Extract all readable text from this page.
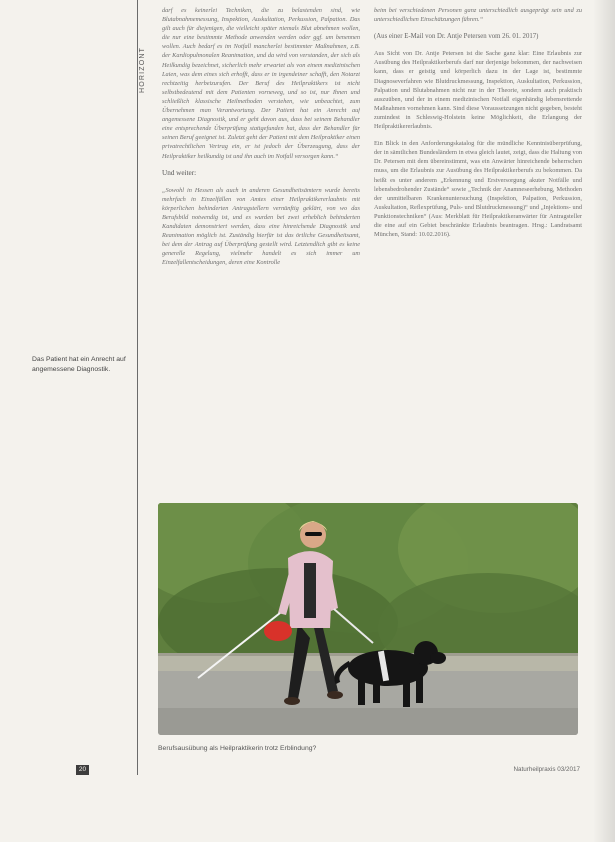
HORIZONT
Das Patient hat ein Anrecht auf angemessene Diagnostik.

darf es keinerlei Techniken, die zu belastenden sind, wie Blutabnahmemessung, Inspektion, Auskultation, Perkussion, Palpation. Das gilt auch für diejenigen, die vielleicht später niemals Blut abnehmen wollen, die nur eine bestimmte Methode anwenden werden oder ggf. um benennen wollen. Auch bedarf es im Notfall mancherlei bestimmter Maßnahmen, z.B. der Kardiopulmonalen Reanimation, und da wird von verstanden, der sich als Heilkundig bezeichnet, sicherlich mehr erwartet als von einem medizinischen Laien, was dem eines sich erhofft, dass er in irgendeiner schafft, den Notarzt rechtzeitig herbeizurufen. Der Beruf des Heilpraktikers ist nicht selbstbedeutend mit dem Patienten vorneweg, und so ist, nur Ihnen und schließlich klassische Heilmethoden verstehen, wie unbeachtet, zum Übernehmen man Verantwortung. Der Patient hat ein Anrecht auf angemessene Diagnostik, und er geht davon aus, dass bei seinem Behandler eine entsprechende Überprüfung stattgefunden hat, dass der Behandler für seinen Beruf geeignet ist. Zuletzt geht der Patient mit dem Heilpraktiker einen privatrechtlichen Vertrag ein, er ist jedoch der Überzeugung, dass der Heilpraktiker heilkundig ist und ihn auch im Notfall versorgen kann.“

Und weiter:

„Sowohl in Hessen als auch in anderen Gesundheitsämtern wurde bereits mehrfach in Einzelfällen von Amtes einer Heilpraktikererlaubnis mit körperlichen behinderten Antragstellern vernünftig geklärt, von wo das Berufsbild notwendig ist, und es wurden bei zwei erheblich behinderten Kandidaten demonstriert werden, dass eine hinreichende Diagnostik und Reanimation möglich ist. Zuständig hierfür ist das örtliche Gesundheitsamt, bei dem der Antrag auf Überprüfung gestellt wird. Letztendlich gibt es keine generelle Regelung, vielmehr handelt es sich immer um Einzelfallentscheidungen, deren eine Kontrolle

beim bei verschiedenen Personen ganz unterschiedlich ausgeprägt sein und zu unterschiedlichen Einschätzungen führen.“

(Aus einer E-Mail von Dr. Antje Petersen vom 26. 01. 2017)

Aus Sicht von Dr. Antje Petersen ist die Sache ganz klar: Eine Erlaubnis zur Ausübung des Heilpraktikerberufs darf nur derjenige bekommen, der nachweisen kann, dass er geistig und körperlich dazu in der Lage ist, bestimmte Diagnoseverfahren wie Blutdruckmessung, Inspektion, Auskultation, Perkussion, Palpation und Blutabnahmen nicht nur in der Theorie, sondern auch praktisch auszuüben, und der in einem medizinischen Notfall eigenhändig lebensrettende Maßnahmen vornehmen kann. Sind diese Voraussetzungen nicht gegeben, besteht zumindest in Schleswig-Holstein keine Möglichkeit, die Erlangung der Heilpraktikererlaubnis.

Ein Blick in den Anforderungskatalog für die mündliche Kenntnisüberprüfung, der in sämtlichen Bundesländern in etwa gleich lautet, zeigt, dass die Haltung von Dr. Petersen mit dem übereinstimmt, was ein Anwärter hinreichende beherrschen muss, um die Erlaubnis zur Ausübung des Heilpraktikerberufs zu bekommen. Da heißt es unter anderem „Erkennung und Erstversorgung akuter Notfälle und lebensbedrohender Zustände“ sowie „Technik der Anamneseerhebung, Methoden der unmittelbaren Krankenuntersuchung (Inspektion, Palpation, Perkussion, Auskultation, Reflexprüfung, Puls- und Blutdruckmessung)“ und „Injektions- und Punktionstechniken“ (Aus: Merkblatt für Heilpraktikeranwärter für Antragsteller die eine auf ein Gebiet beschränkte Erlaubnis beantragen. Hrsg.: Landratsamt München, Stand: 10.02.2016).

Berufsausübung als Heilpraktikerin trotz Erblindung?
20	Naturheilpraxis 03/2017
